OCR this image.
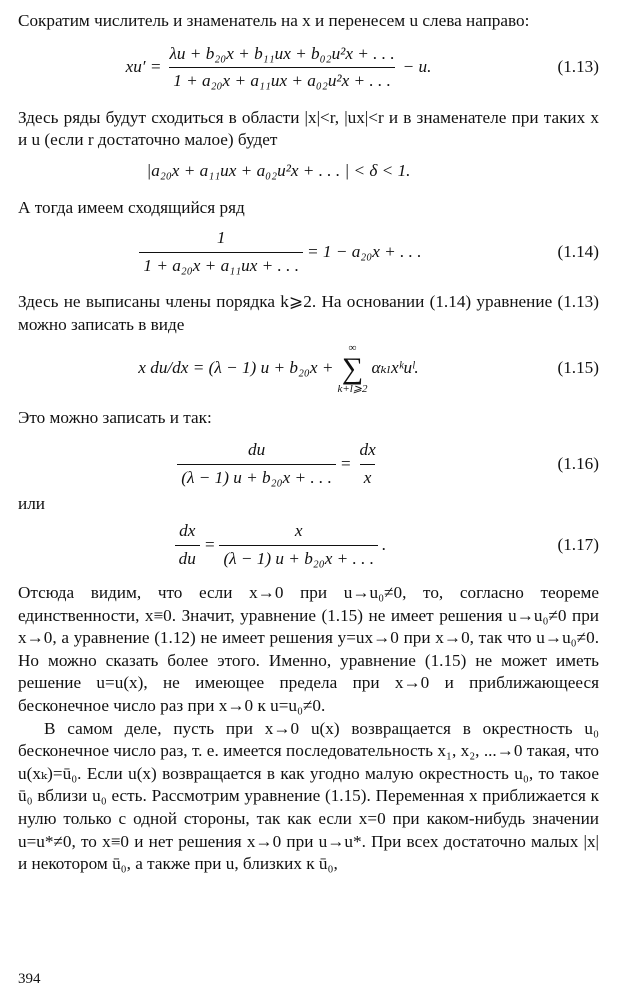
Сократим числитель и знаменатель на x и перенесем u слева направо:

$xu' = \frac{\text{λu + b₂₀x + b₁₁ux + b₀₂u²x + . . .}}{\text{1 + a₂₀x + a₁₁ux + a₀₂u²x + . . .}} - u$.	(1.13)

Здесь ряды будут сходиться в области |x|<r, |ux|<r и в знаменателе при таких x и u (если r достаточно малое) будет

|a₂₀x + a₁₁ux + a₀₂u²x + . . . | < δ < 1.

А тогда имеем сходящийся ряд

$\frac{1}{\text{1 + a₂₀x + a₁₁ux + . . .}} = 1 - a_{20}x$ + . . .	(1.14)

Здесь не выписаны члены порядка k⩾2. На основании (1.14) уравнение (1.13) можно записать в виде

x du/dx = (λ − 1) u + b₂₀x +
∞
∑
k+l⩾2
αₖₗxᵏuˡ.	(1.15)

Это можно записать и так:

$\frac{du}{\text{(λ − 1) u + b₂₀x + . . .}} = \frac{dx}{x}$	(1.16)

или

$\frac{dx}{du} = \frac{x}{\text{(λ − 1) u + b₂₀x + . . .}}$ .	(1.17)

Отсюда видим, что если x→0 при u→u₀≠0, то, согласно теореме единственности, x≡0. Значит, уравнение (1.15) не имеет решения u→u₀≠0 при x→0, а уравнение (1.12) не имеет решения y=ux→0 при x→0, так что u→u₀≠0. Но можно сказать более этого. Именно, уравнение (1.15) не может иметь решение u=u(x), не имеющее предела при x→0 и приближающееся бесконечное число раз при x→0 к u=u₀≠0.

В самом деле, пусть при x→0 u(x) возвращается в окрестность u₀ бесконечное число раз, т. е. имеется последовательность x₁, x₂, ...→0 такая, что u(xₖ)=ū₀. Если u(x) возвращается в как угодно малую окрестность u₀, то такое ū₀ вблизи u₀ есть. Рассмотрим уравнение (1.15). Переменная x приближается к нулю только с одной стороны, так как если x=0 при каком-нибудь значении u=u*≠0, то x≡0 и нет решения x→0 при u→u*. При всех достаточно малых |x| и некотором ū₀, а также при u, близких к ū₀,

394
